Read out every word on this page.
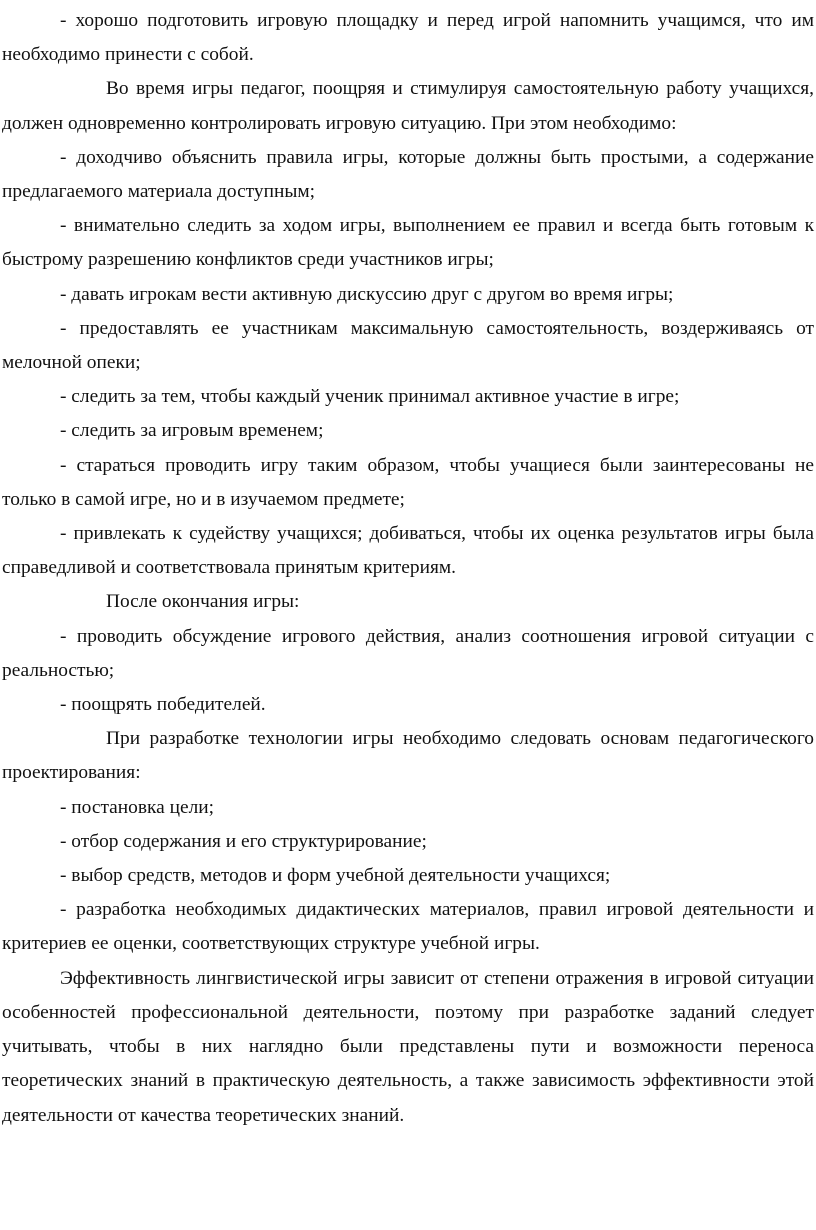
- хорошо подготовить игровую площадку и перед игрой напомнить учащимся, что им необходимо принести с собой.

Во время игры педагог, поощряя и стимулируя самостоятельную работу учащихся, должен одновременно контролировать игровую ситуацию. При этом необходимо:

- доходчиво объяснить правила игры, которые должны быть простыми, а содержание предлагаемого материала доступным;

- внимательно следить за ходом игры, выполнением ее правил и всегда быть готовым к быстрому разрешению конфликтов среди участников игры;

- давать игрокам вести активную дискуссию друг с другом во время игры;

- предоставлять ее участникам максимальную самостоятельность, воздерживаясь от мелочной опеки;

- следить за тем, чтобы каждый ученик принимал активное участие в игре;

- следить за игровым временем;

- стараться проводить игру таким образом, чтобы учащиеся были заинтересованы не только в самой игре, но и в изучаемом предмете;

- привлекать к судейству учащихся; добиваться, чтобы их оценка результатов игры была справедливой и соответствовала принятым критериям.

После окончания игры:

- проводить обсуждение игрового действия, анализ соотношения игровой ситуации с реальностью;

- поощрять победителей.

При разработке технологии игры необходимо следовать основам педагогического проектирования:

- постановка цели;

- отбор содержания и его структурирование;

- выбор средств, методов и форм учебной деятельности учащихся;

- разработка необходимых дидактических материалов, правил игровой деятельности и критериев ее оценки, соответствующих структуре учебной игры.

Эффективность лингвистической игры зависит от степени отражения в игровой ситуации особенностей профессиональной деятельности, поэтому при разработке заданий следует учитывать, чтобы в них наглядно были представлены пути и возможности переноса теоретических знаний в практическую деятельность, а также зависимость эффективности этой деятельности от качества теоретических знаний.
